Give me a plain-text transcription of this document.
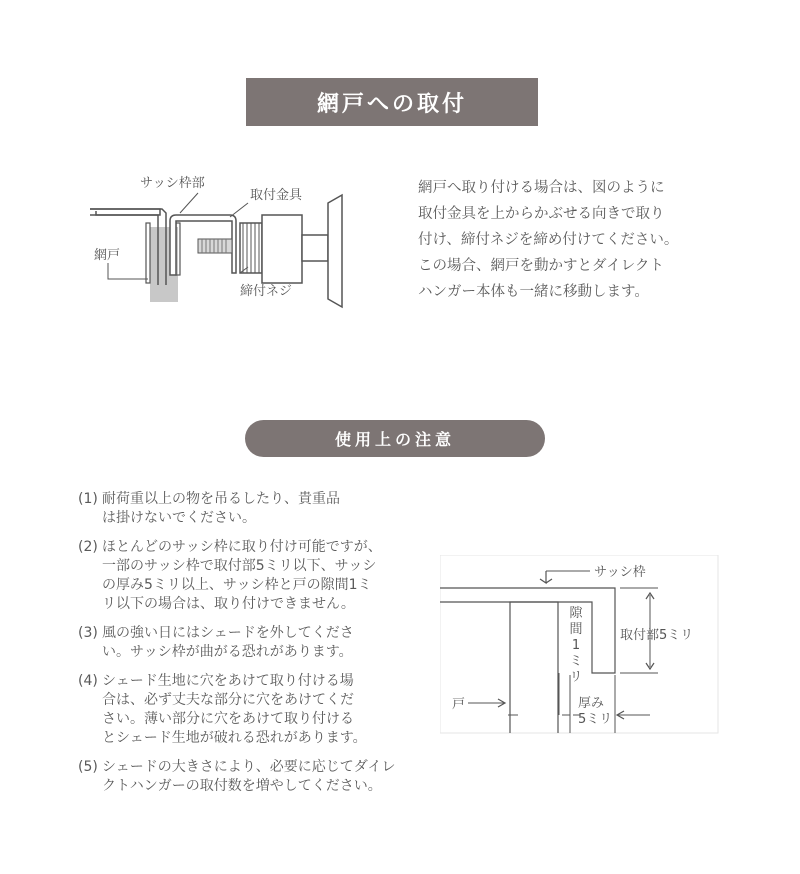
網戸への取付
サッシ枠部
取付金具
網戸
締付ネジ

網戸へ取り付ける場合は、図のように
取付金具を上からかぶせる向きで取り
付け、締付ネジを締め付けてください。
この場合、網戸を動かすとダイレクト
ハンガー本体も一緒に移動します。

使用上の注意
(1) 耐荷重以上の物を吊るしたり、貴重品
は掛けないでください。
(2) ほとんどのサッシ枠に取り付け可能ですが、
一部のサッシ枠で取付部5ミリ以下、サッシ
の厚み5ミリ以上、サッシ枠と戸の隙間1ミ
リ以下の場合は、取り付けできません。
(3) 風の強い日にはシェードを外してくださ
い。サッシ枠が曲がる恐れがあります。
(4) シェード生地に穴をあけて取り付ける場
合は、必ず丈夫な部分に穴をあけてくだ
さい。薄い部分に穴をあけて取り付ける
とシェード生地が破れる恐れがあります。
(5) シェードの大きさにより、必要に応じてダイレ
クトハンガーの取付数を増やしてください。
サッシ枠
取付部5ミリ
隙
間
1
ミ
リ
戸	厚み
5ミリ
